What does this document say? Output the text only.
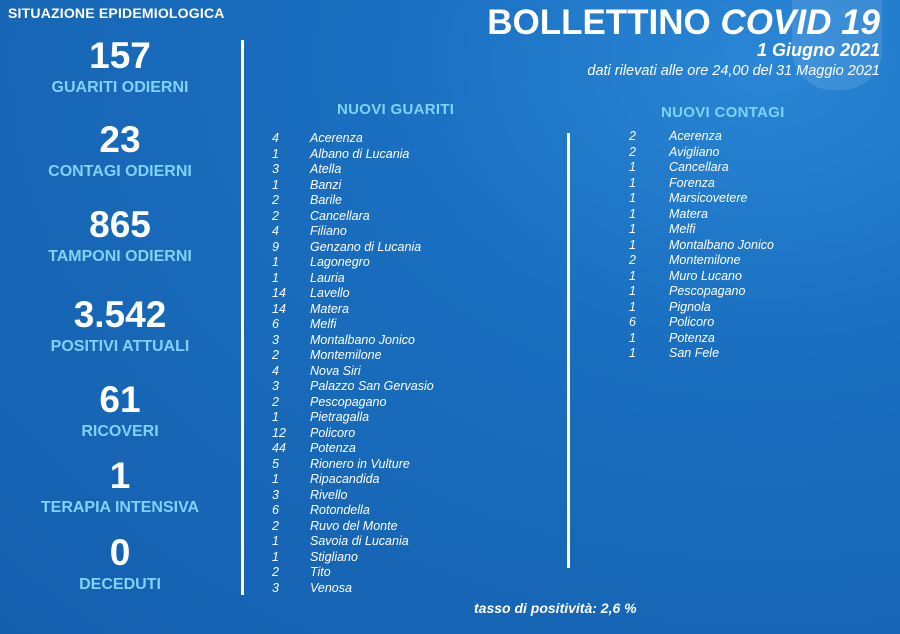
SITUAZIONE EPIDEMIOLOGICA
157
GUARITI ODIERNI
23
CONTAGI ODIERNI
865
TAMPONI ODIERNI
3.542
POSITIVI ATTUALI
61
RICOVERI
1
TERAPIA INTENSIVA
0
DECEDUTI
BOLLETTINO COVID 19
1 Giugno 2021
dati rilevati alle ore 24,00 del 31 Maggio 2021
NUOVI GUARITI	NUOVI CONTAGI
4 Acerenza
1 Albano di Lucania
3 Atella
1 Banzi
2 Barile
2 Cancellara
4 Filiano
9 Genzano di Lucania
1 Lagonegro
1 Lauria
14 Lavello
14 Matera
6 Melfi
3 Montalbano Jonico
2 Montemilone
4 Nova Siri
3 Palazzo San Gervasio
2 Pescopagano
1 Pietragalla
12 Policoro
44 Potenza
5 Rionero in Vulture
1 Ripacandida
3 Rivello
6 Rotondella
2 Ruvo del Monte
1 Savoia di Lucania
1 Stigliano
2 Tito
3 Venosa
2	Acerenza
2	Avigliano
1	Cancellara
1	Forenza
1	Marsicovetere
1	Matera
1	Melfi
1	Montalbano Jonico
2	Montemilone
1	Muro Lucano
1	Pescopagano
1	Pignola
6	Policoro
1	Potenza
1	San Fele
tasso di positività: 2,6 %
